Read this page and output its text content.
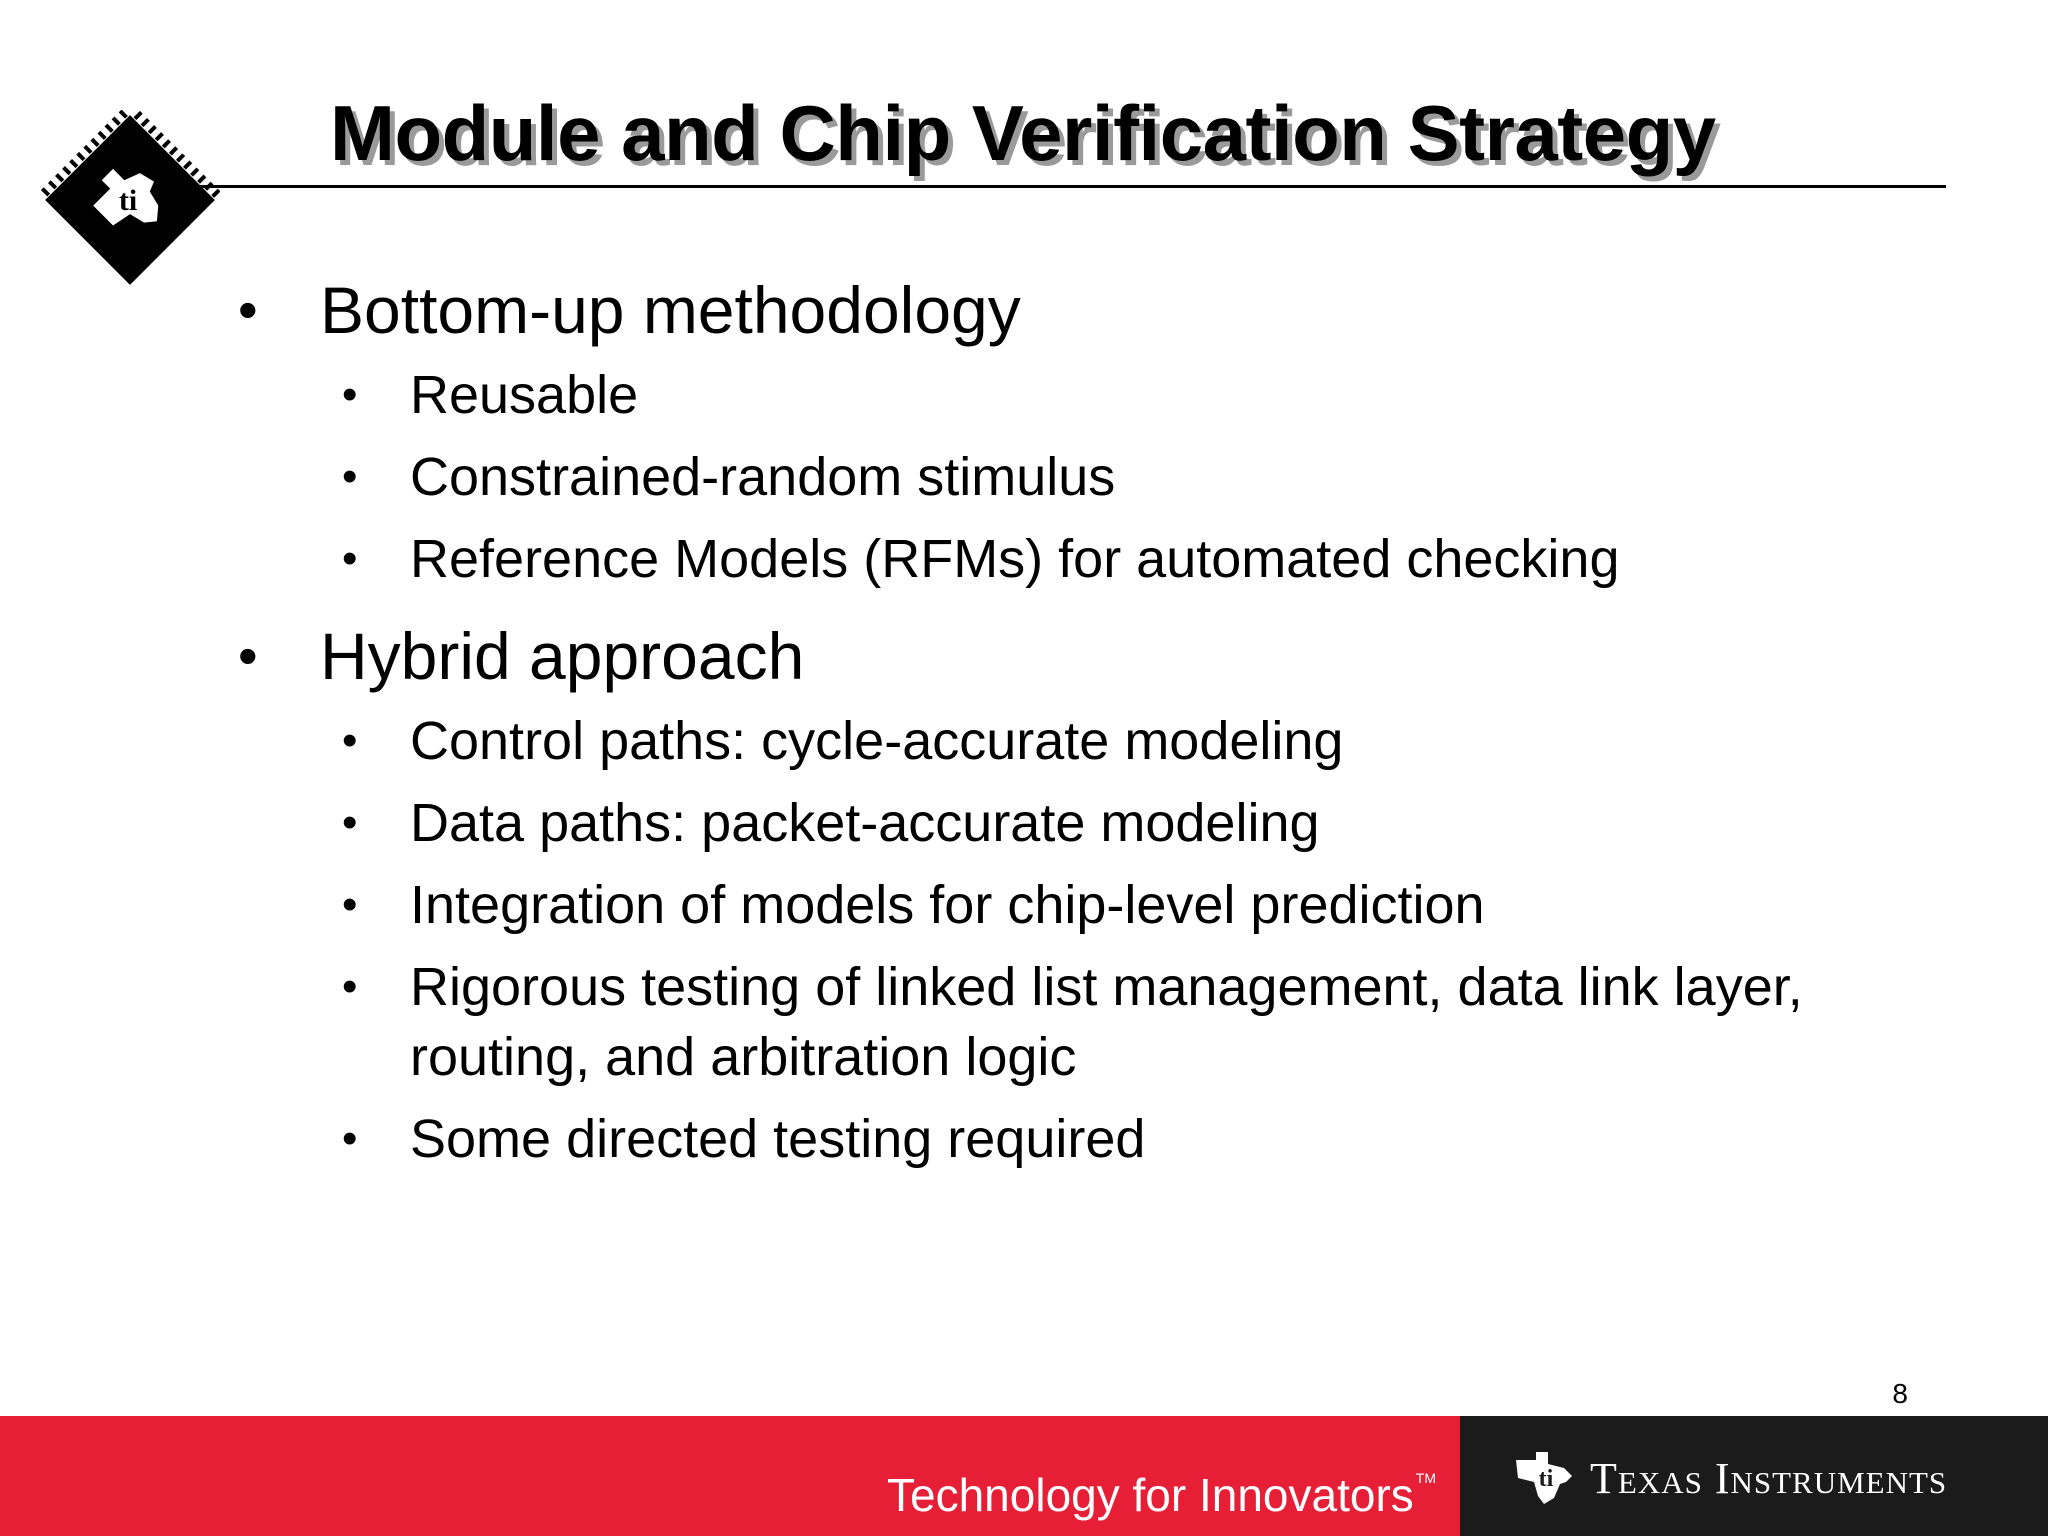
ti
Module and Chip Verification Strategy

• Bottom-up methodology

• Reusable

• Constrained-random stimulus

• Reference Models (RFMs) for automated checking

• Hybrid approach

• Control paths: cycle-accurate modeling

• Data paths: packet-accurate modeling

• Integration of models for chip-level prediction

• Rigorous testing of linked list management, data link layer, routing, and arbitration logic

• Some directed testing required

8
Technology for Innovators ™	ti Texas Instruments
